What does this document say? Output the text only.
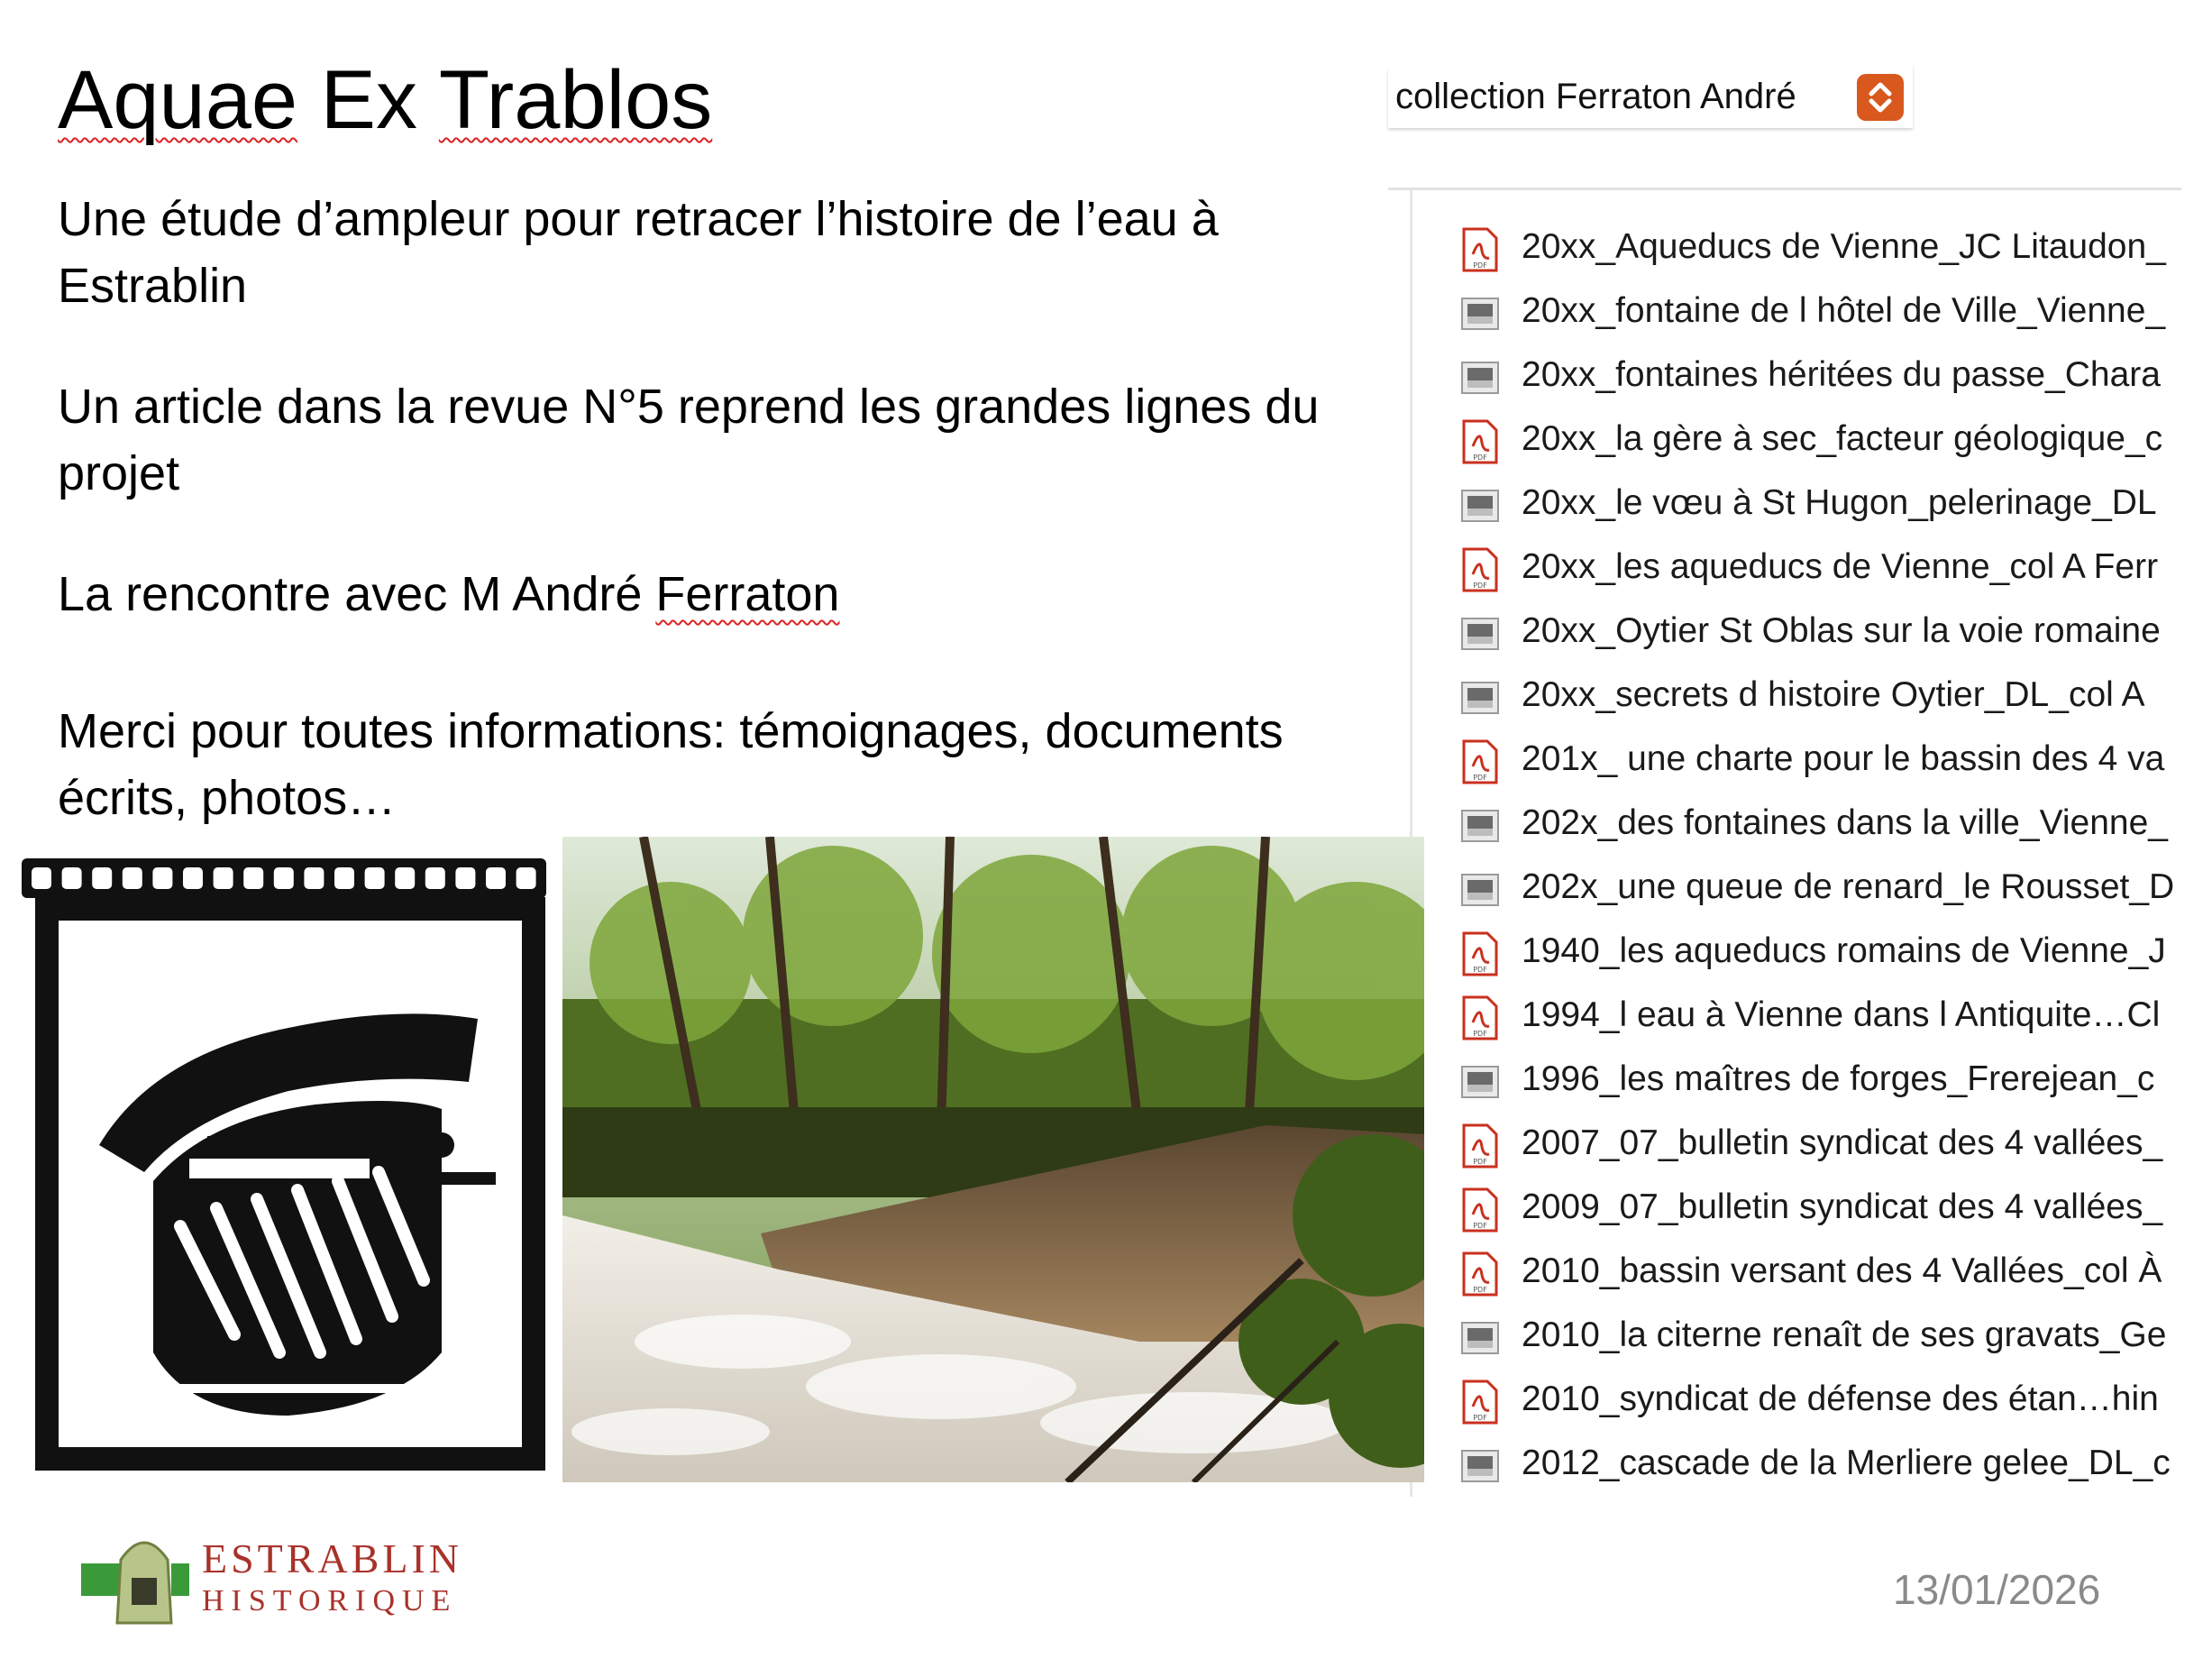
Aquae Ex Trablos
Une étude d’ampleur pour retracer l’histoire de l’eau à Estrablin
Un article dans la revue N°5 reprend les grandes lignes du projet
La rencontre avec M André Ferraton
Merci pour toutes informations: témoignages, documents écrits, photos…
collection Ferraton André
PDF 20xx_Aqueducs de Vienne_JC Litaudon_
20xx_fontaine de l hôtel de Ville_Vienne_
20xx_fontaines héritées du passe_Chara
PDF 20xx_la gère à sec_facteur géologique_c
20xx_le vœu à St Hugon_pelerinage_DL
PDF 20xx_les aqueducs de Vienne_col A Ferr
20xx_Oytier St Oblas sur la voie romaine
20xx_secrets d histoire Oytier_DL_col A
PDF 201x_ une charte pour le bassin des 4 va
202x_des fontaines dans la ville_Vienne_
202x_une queue de renard_le Rousset_D
PDF 1940_les aqueducs romains de Vienne_J
PDF 1994_l eau à Vienne dans l Antiquite…Cl
1996_les maîtres de forges_Frerejean_c
PDF 2007_07_bulletin syndicat des 4 vallées_
PDF 2009_07_bulletin syndicat des 4 vallées_
PDF 2010_bassin versant des 4 Vallées_col À
2010_la citerne renaît de ses gravats_Ge
PDF 2010_syndicat de défense des étan…hin
2012_cascade de la Merliere gelee_DL_c
ESTRABLIN
HISTORIQUE	13/01/2026
